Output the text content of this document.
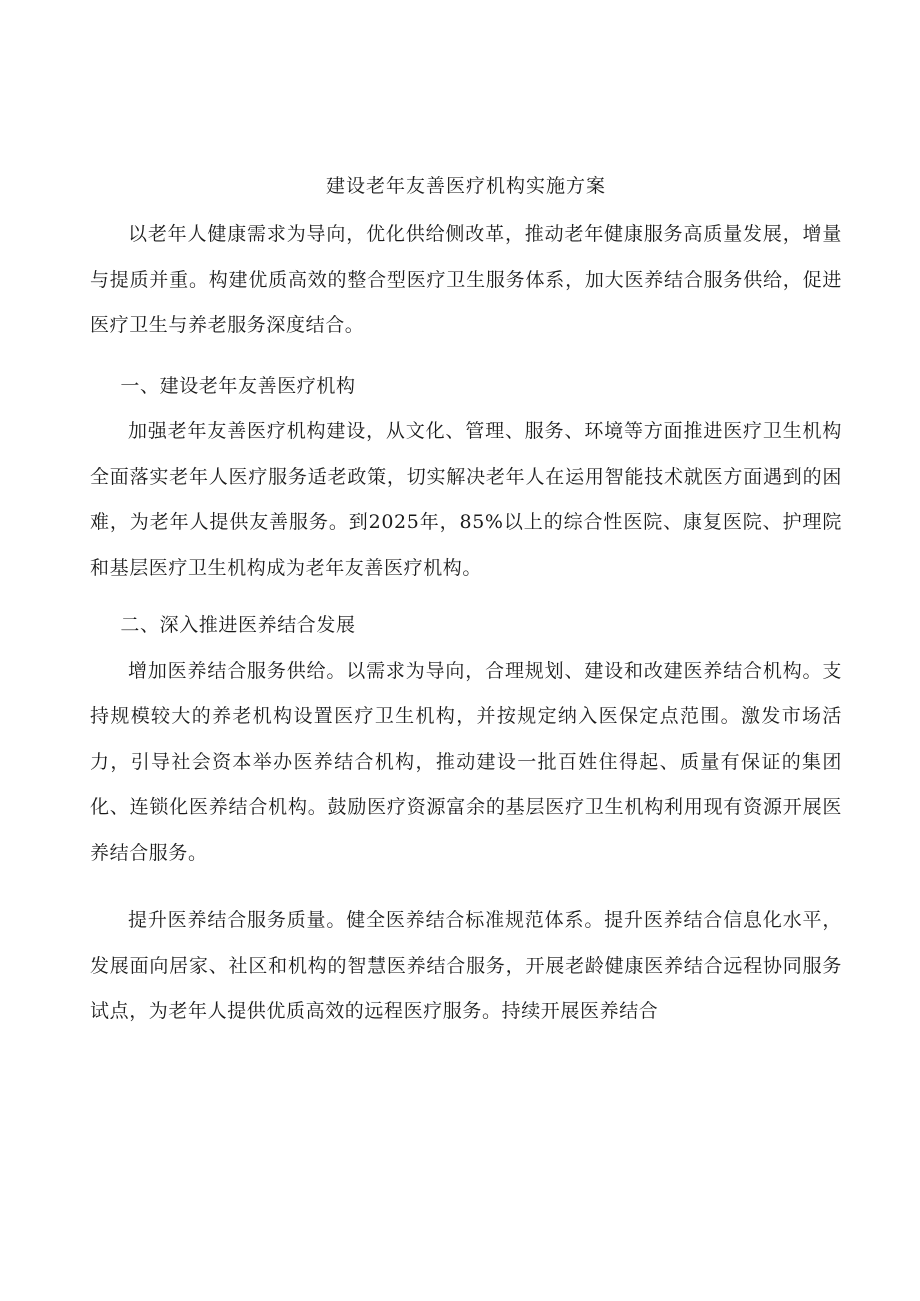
建设老年友善医疗机构实施方案

以老年人健康需求为导向，优化供给侧改革，推动老年健康服务高质量发展，增量与提质并重。构建优质高效的整合型医疗卫生服务体系，加大医养结合服务供给，促进医疗卫生与养老服务深度结合。

一、建设老年友善医疗机构

加强老年友善医疗机构建设，从文化、管理、服务、环境等方面推进医疗卫生机构全面落实老年人医疗服务适老政策，切实解决老年人在运用智能技术就医方面遇到的困难，为老年人提供友善服务。到2025年，85%以上的综合性医院、康复医院、护理院和基层医疗卫生机构成为老年友善医疗机构。

二、深入推进医养结合发展

增加医养结合服务供给。以需求为导向，合理规划、建设和改建医养结合机构。支持规模较大的养老机构设置医疗卫生机构，并按规定纳入医保定点范围。激发市场活力，引导社会资本举办医养结合机构，推动建设一批百姓住得起、质量有保证的集团化、连锁化医养结合机构。鼓励医疗资源富余的基层医疗卫生机构利用现有资源开展医养结合服务。

提升医养结合服务质量。健全医养结合标准规范体系。提升医养结合信息化水平，发展面向居家、社区和机构的智慧医养结合服务，开展老龄健康医养结合远程协同服务试点，为老年人提供优质高效的远程医疗服务。持续开展医养结合
